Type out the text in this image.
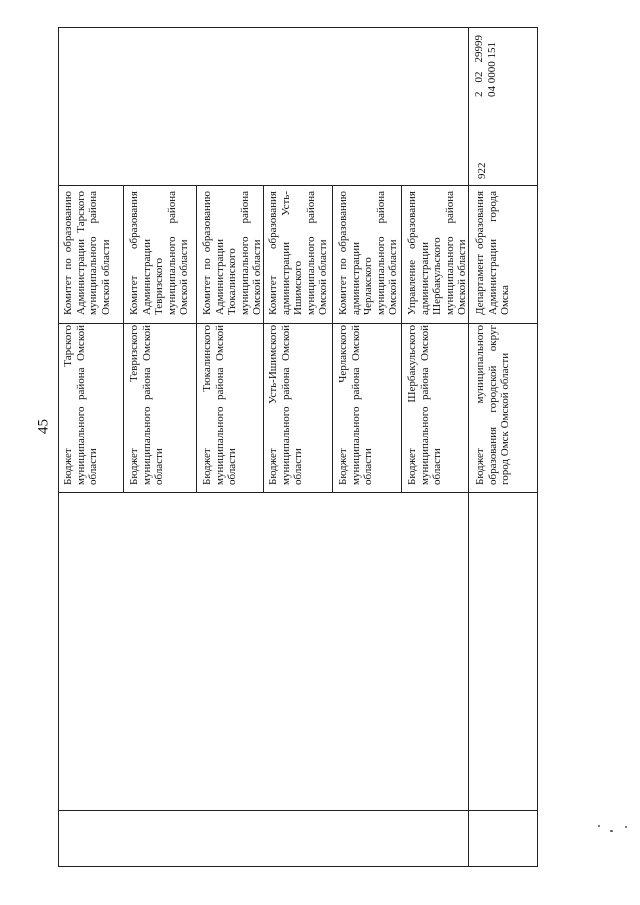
45
Комитет по образованию Администрации Тарского муниципального района Омской области
Бюджет Тарского муниципального района Омской области
Комитет образования Администрации Тевризского муниципального района Омской области
Бюджет Тевризского муниципального района Омской области
Комитет по образованию Администрации Тюкалинского муниципального района Омской области
Бюджет Тюкалинского муниципального района Омской области
Комитет образования администрации Усть-Ишимского муниципального района Омской области
Бюджет Усть-Ишимского муниципального района Омской области
Комитет по образованию администрации Черлакского муниципального района Омской области
Бюджет Черлакского муниципального района Омской области
Управление образования администрации Шербакульского муниципального района Омской области
Бюджет Шербакульского муниципального района Омской области
2 02 29999 04 0000 151
922
Департамент образования Администрации города Омска
Бюджет муниципального образования городской округ город Омск Омской области
